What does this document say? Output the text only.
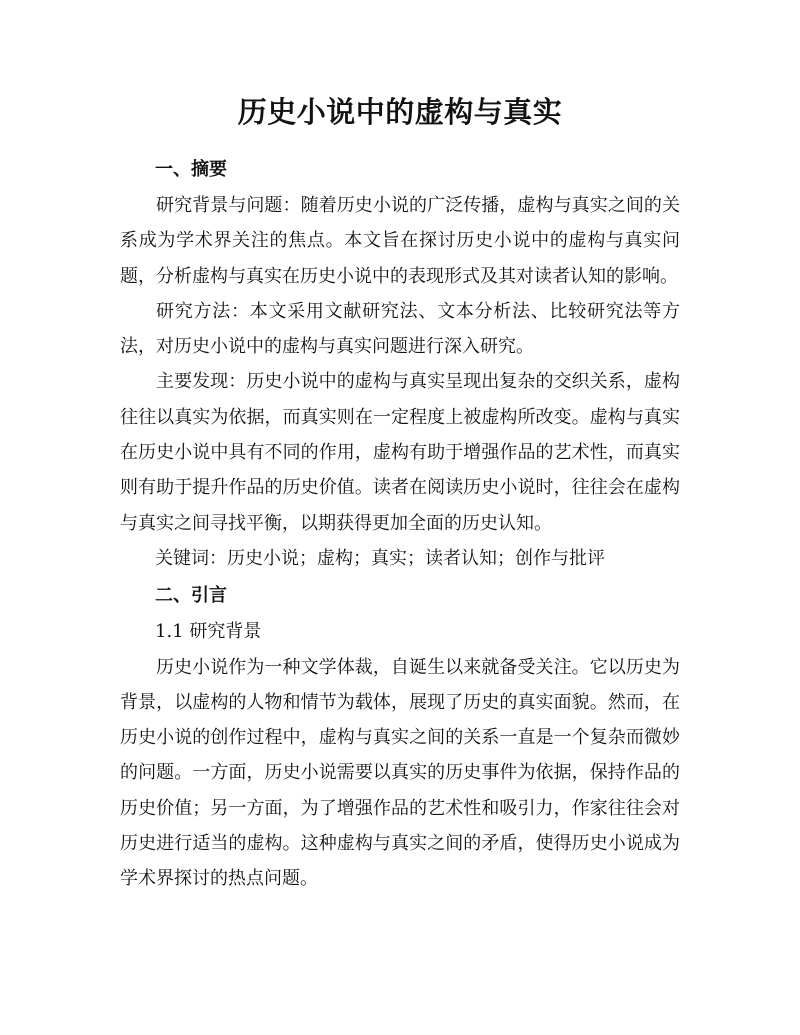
历史小说中的虚构与真实
一、摘要

研究背景与问题：随着历史小说的广泛传播，虚构与真实之间的关系成为学术界关注的焦点。本文旨在探讨历史小说中的虚构与真实问题，分析虚构与真实在历史小说中的表现形式及其对读者认知的影响。

研究方法：本文采用文献研究法、文本分析法、比较研究法等方法，对历史小说中的虚构与真实问题进行深入研究。

主要发现：历史小说中的虚构与真实呈现出复杂的交织关系，虚构往往以真实为依据，而真实则在一定程度上被虚构所改变。虚构与真实在历史小说中具有不同的作用，虚构有助于增强作品的艺术性，而真实则有助于提升作品的历史价值。读者在阅读历史小说时，往往会在虚构与真实之间寻找平衡，以期获得更加全面的历史认知。

关键词：历史小说；虚构；真实；读者认知；创作与批评

二、引言

1.1 研究背景

历史小说作为一种文学体裁，自诞生以来就备受关注。它以历史为背景，以虚构的人物和情节为载体，展现了历史的真实面貌。然而，在历史小说的创作过程中，虚构与真实之间的关系一直是一个复杂而微妙的问题。一方面，历史小说需要以真实的历史事件为依据，保持作品的历史价值；另一方面，为了增强作品的艺术性和吸引力，作家往往会对历史进行适当的虚构。这种虚构与真实之间的矛盾，使得历史小说成为学术界探讨的热点问题。
